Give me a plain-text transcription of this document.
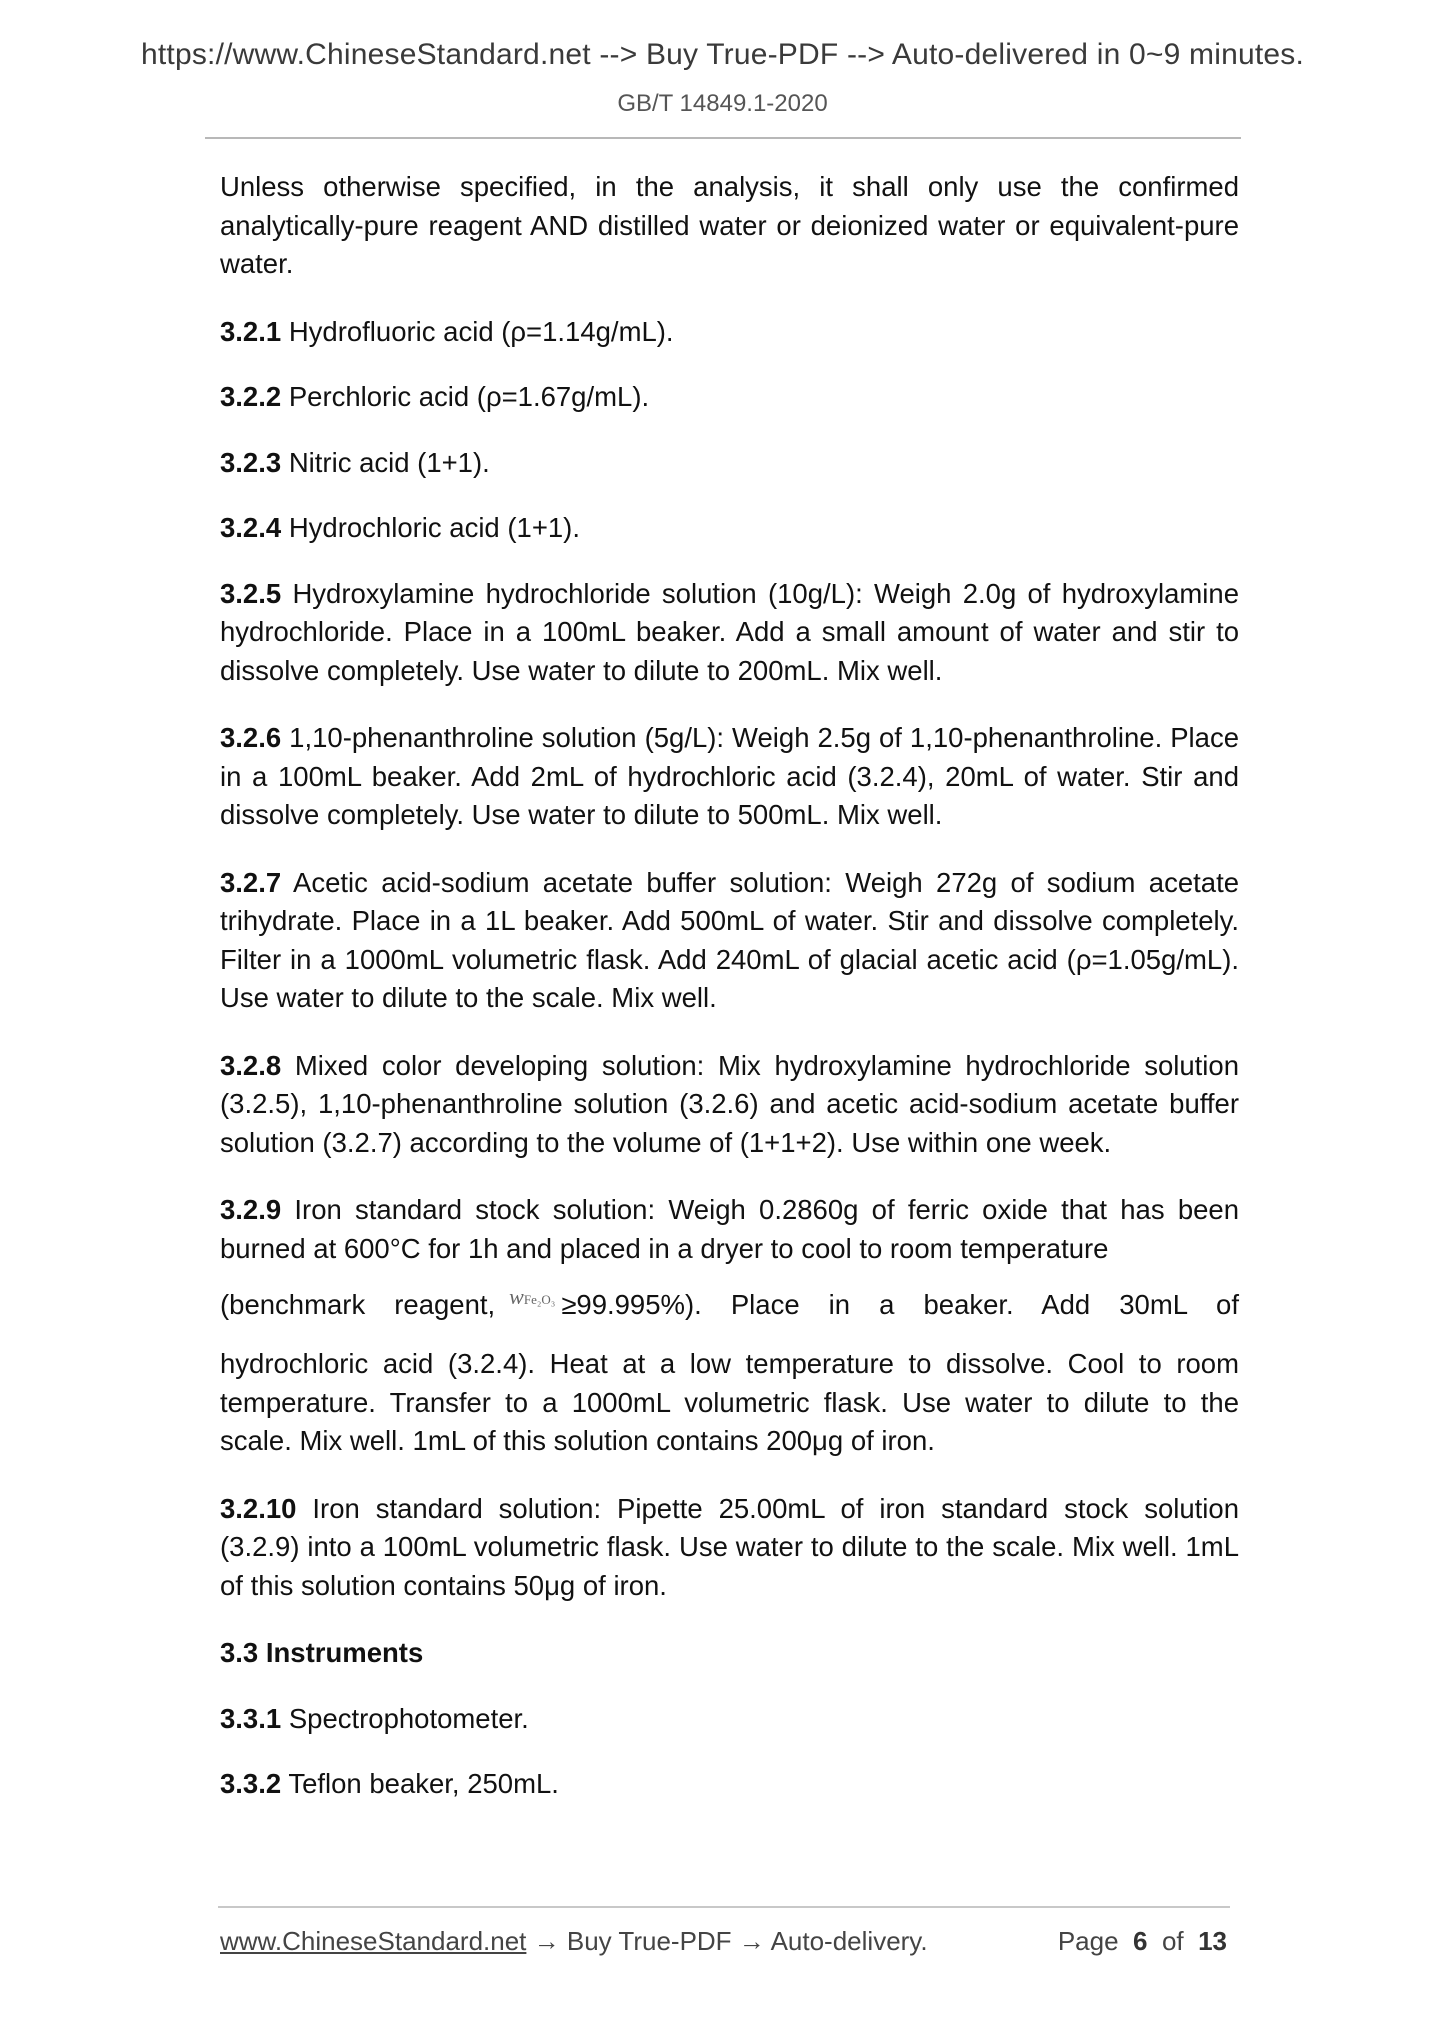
https://www.ChineseStandard.net --> Buy True-PDF --> Auto-delivered in 0~9 minutes.
GB/T 14849.1-2020

Unless otherwise specified, in the analysis, it shall only use the confirmed analytically-pure reagent AND distilled water or deionized water or equivalent-pure water.

3.2.1 Hydrofluoric acid (ρ=1.14g/mL).

3.2.2 Perchloric acid (ρ=1.67g/mL).

3.2.3 Nitric acid (1+1).

3.2.4 Hydrochloric acid (1+1).

3.2.5 Hydroxylamine hydrochloride solution (10g/L): Weigh 2.0g of hydroxylamine hydrochloride. Place in a 100mL beaker. Add a small amount of water and stir to dissolve completely. Use water to dilute to 200mL. Mix well.

3.2.6 1,10-phenanthroline solution (5g/L): Weigh 2.5g of 1,10-phenanthroline. Place in a 100mL beaker. Add 2mL of hydrochloric acid (3.2.4), 20mL of water. Stir and dissolve completely. Use water to dilute to 500mL. Mix well.

3.2.7 Acetic acid-sodium acetate buffer solution: Weigh 272g of sodium acetate trihydrate. Place in a 1L beaker. Add 500mL of water. Stir and dissolve completely. Filter in a 1000mL volumetric flask. Add 240mL of glacial acetic acid (ρ=1.05g/mL). Use water to dilute to the scale. Mix well.

3.2.8 Mixed color developing solution: Mix hydroxylamine hydrochloride solution (3.2.5), 1,10-phenanthroline solution (3.2.6) and acetic acid-sodium acetate buffer solution (3.2.7) according to the volume of (1+1+2). Use within one week.

3.2.9 Iron standard stock solution: Weigh 0.2860g of ferric oxide that has been burned at 600°C for 1h and placed in a dryer to cool to room temperature

(benchmark reagent, $^{wFe_2O_3}$ ≥99.995%). Place in a beaker. Add 30mL of

hydrochloric acid (3.2.4). Heat at a low temperature to dissolve. Cool to room temperature. Transfer to a 1000mL volumetric flask. Use water to dilute to the scale. Mix well. 1mL of this solution contains 200μg of iron.

3.2.10 Iron standard solution: Pipette 25.00mL of iron standard stock solution (3.2.9) into a 100mL volumetric flask. Use water to dilute to the scale. Mix well. 1mL of this solution contains 50μg of iron.

3.3 Instruments

3.3.1 Spectrophotometer.

3.3.2 Teflon beaker, 250mL.

www.ChineseStandard.net → Buy True-PDF → Auto-delivery.	Page 6 of 13
